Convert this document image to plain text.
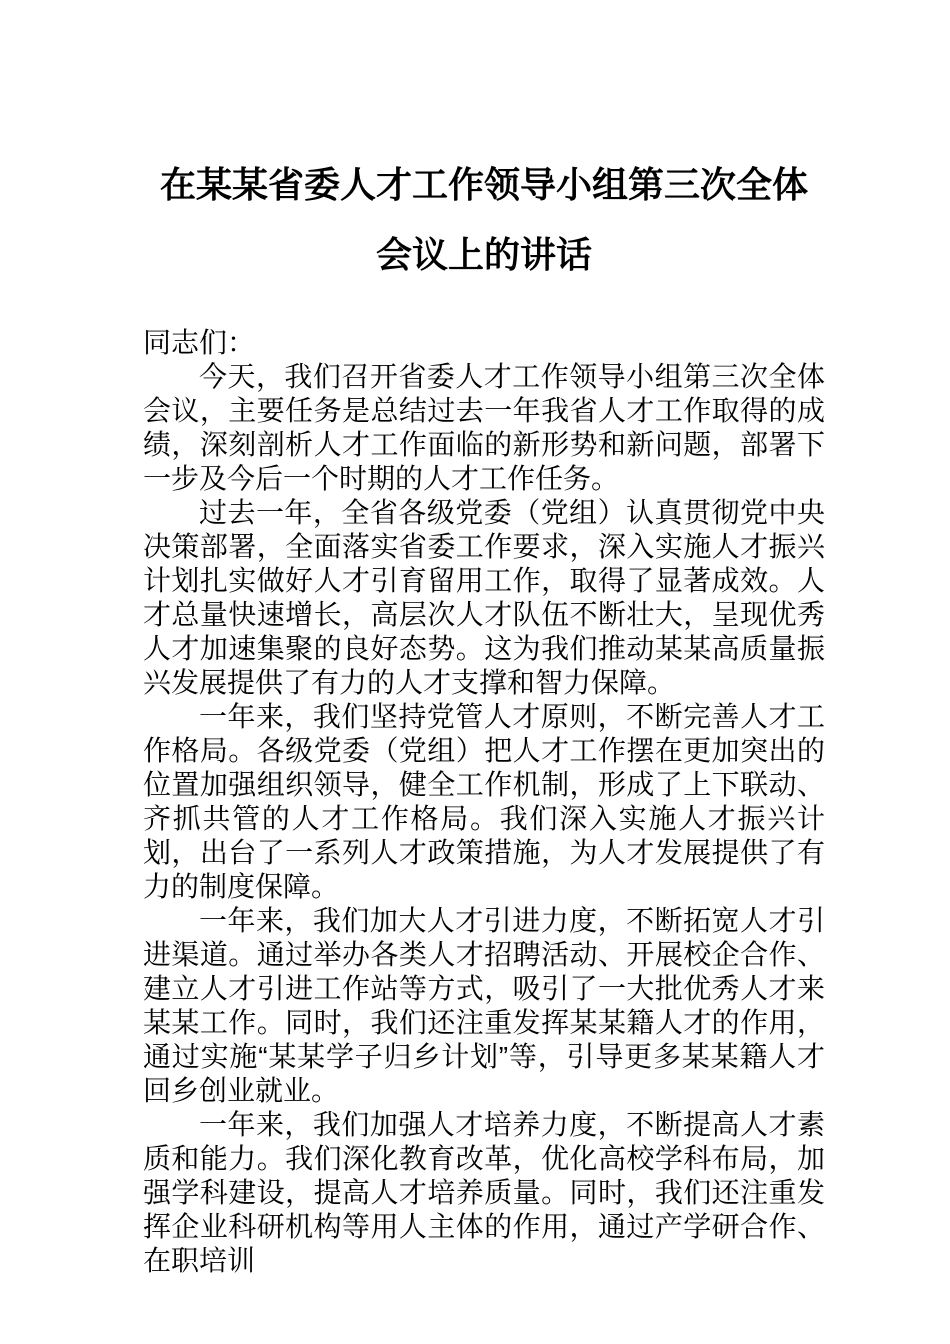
在某某省委人才工作领导小组第三次全体
会议上的讲话

同志们：

今天，我们召开省委人才工作领导小组第三次全体会议，主要任务是总结过去一年我省人才工作取得的成绩，深刻剖析人才工作面临的新形势和新问题，部署下一步及今后一个时期的人才工作任务。

过去一年，全省各级党委（党组）认真贯彻党中央决策部署，全面落实省委工作要求，深入实施人才振兴计划扎实做好人才引育留用工作，取得了显著成效。人才总量快速增长，高层次人才队伍不断壮大，呈现优秀人才加速集聚的良好态势。这为我们推动某某高质量振兴发展提供了有力的人才支撑和智力保障。

一年来，我们坚持党管人才原则，不断完善人才工作格局。各级党委（党组）把人才工作摆在更加突出的位置加强组织领导，健全工作机制，形成了上下联动、齐抓共管的人才工作格局。我们深入实施人才振兴计划，出台了一系列人才政策措施，为人才发展提供了有力的制度保障。

一年来，我们加大人才引进力度，不断拓宽人才引进渠道。通过举办各类人才招聘活动、开展校企合作、建立人才引进工作站等方式，吸引了一大批优秀人才来某某工作。同时，我们还注重发挥某某籍人才的作用，通过实施“某某学子归乡计划”等，引导更多某某籍人才回乡创业就业。

一年来，我们加强人才培养力度，不断提高人才素质和能力。我们深化教育改革，优化高校学科布局，加强学科建设，提高人才培养质量。同时，我们还注重发挥企业科研机构等用人主体的作用，通过产学研合作、在职培训
